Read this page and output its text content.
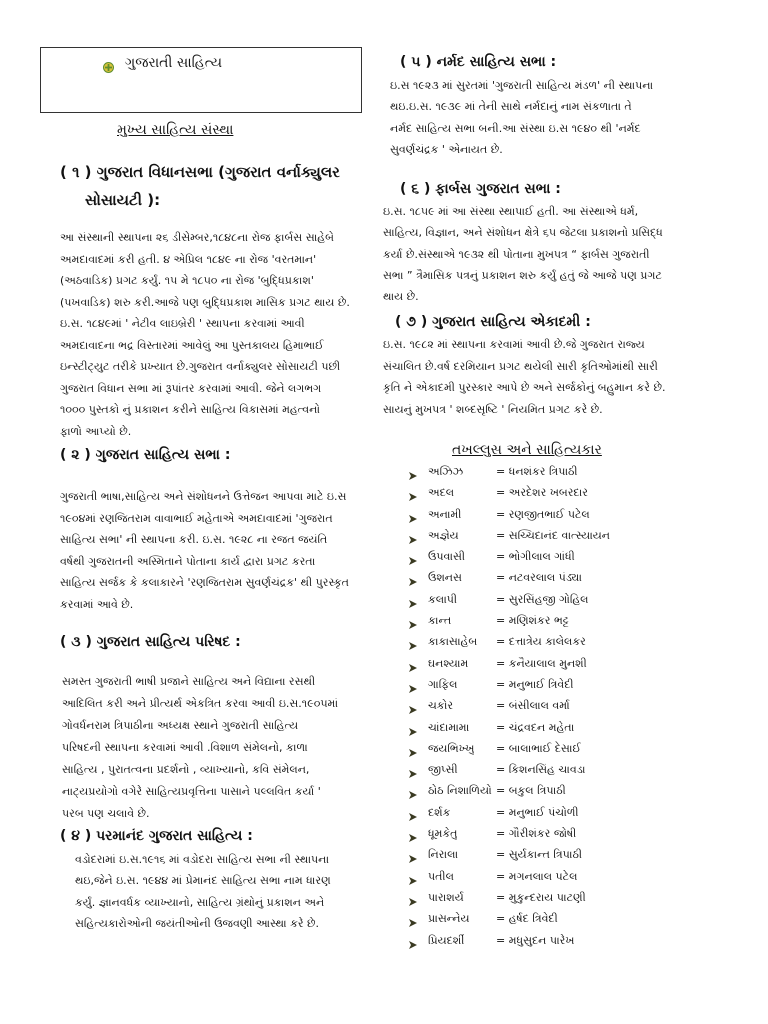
ગુજરાતી સાહિત્ય
મુખ્ય સાહિત્ય સંસ્થા
( ૧ ) ગુજરાત વિધાનસભા (ગુજરાત વર્નાક્યુલર
સોસાયટી ):
આ સંસ્થાની સ્થાપના ૨૬ ડીસેમ્બર,૧૮૪૮ના રોજ ફાર્બસ સાહેબે
અમદાવાદમાં કરી હતી. ૪ એપ્રિલ ૧૮૪૯ ના રોજ 'વરતમાન'
(અઠવાડિક) પ્રગટ કર્યું. ૧૫ મે ૧૮૫૦ ના રોજ 'બુદ્ધિપ્રકાશ'
(પખવાડિક) શરુ કરી.આજે પણ બુદ્ધિપ્રકાશ માસિક પ્રગટ થાય છે.
ઇ.સ. ૧૮૪૯માં ' નેટીવ લાઇબ્રેરી ' સ્થાપના કરવામાં આવી
અમદાવાદના ભદ્ર વિસ્તારમાં આવેલું આ પુસ્તકાલય હિમાભાઈ
ઇન્સ્ટીટ્યુટ તરીકે પ્રખ્યાત છે.ગુજરાત વર્નાક્યુલર સોસાયટી પછી
ગુજરાત વિધાન સભા માં રૂપાંતર કરવામાં આવી. જેને લગભગ
૧૦૦૦ પુસ્તકો નું પ્રકાશન કરીને સાહિત્ય વિકાસમાં મહત્વનો
ફાળો આપ્યો છે.
( ૨ ) ગુજરાત સાહિત્ય સભા :
ગુજરાતી ભાષા,સાહિત્ય અને સંશોધનને ઉત્તેજન આપવા માટે ઇ.સ
૧૯૦૪માં રણજિતરામ વાવાભાઈ મહેતાએ અમદાવાદમાં 'ગુજરાત
સાહિત્ય સભા' ની સ્થાપના કરી. ઇ.સ. ૧૯૨૮ ના રજત જયંતિ
વર્ષથી ગુજરાતની અસ્મિતાને પોતાના કાર્ય દ્વારા પ્રગટ કરતા
સાહિત્ય સર્જક કે કલાકારને 'રણજિતરામ સુવર્ણચંદ્રક' થી પુરસ્કૃત
કરવામાં આવે છે.
( ૩ ) ગુજરાત સાહિત્ય પરિષદ :
સમસ્ત ગુજરાતી ભાષી પ્રજાને સાહિત્ય અને વિદ્યાના રસથી
આદિલિત કરી અને પ્રીત્યર્થ એકત્રિત કરવા આવી ઇ.સ.૧૯૦૫માં
ગોવર્ધનરામ ત્રિપાઠીના અધ્યક્ષ સ્થાને ગુજરાતી સાહિત્ય
પરિષદની સ્થાપના કરવામાં આવી .વિશાળ સંમેલનો, કાળા
સાહિત્ય , પુરાતત્વના પ્રદર્શનો , વ્યાખ્યાનો, કવિ સંમેલન,
નાટ્યપ્રયોગો વગેરે સાહિત્યપ્રવૃત્તિના પાસાને પલ્લવિત કર્યા '
પરબ પણ ચલાવે છે.
( ૪ ) પરમાનંદ ગુજરાત સાહિત્ય :
વડોદરામાં ઇ.સ.૧૯૧૬ માં વડોદરા સાહિત્ય સભા ની સ્થાપના
થઇ,જેને ઇ.સ. ૧૯૪૪ માં પ્રેમાનંદ સાહિત્ય સભા નામ ધારણ
કર્યું. જ્ઞાનવર્ધક વ્યાખ્યાનો, સાહિત્ય ગ્રંથોનું પ્રકાશન અને
સહિત્યકારોઓની જયંતીઓની ઉજવણી આસ્થા કરે છે.
( ૫ ) નર્મદ સાહિત્ય સભા :
ઇ.સ ૧૯૨૩ માં સુરતમાં 'ગુજરાતી સાહિત્ય મંડળ' ની સ્થાપના
થઇ.ઇ.સ. ૧૯૩૯ માં તેની સાથે નર્મદાનું નામ સંકળાતા તે
નર્મદ સાહિત્ય સભા બની.આ સંસ્થા ઇ.સ ૧૯૪૦ થી 'નર્મદ
સુવર્ણચંદ્રક ' એનાયત છે.
( ૬ ) ફાર્બસ ગુજરાત સભા :
ઇ.સ. ૧૮૫૯ માં આ સંસ્થા સ્થાપાઈ હતી. આ સંસ્થાએ ધર્મ,
સાહિત્ય, વિજ્ઞાન, અને સંશોધન ક્ષેત્રે ૬૫ જેટલા પ્રકાશનો પ્રસિદ્ધ
કર્યા છે.સંસ્થાએ ૧૯૩૨ થી પોતાના મુખપત્ર “ ફાર્બસ ગુજરાતી
સભા ” ત્રૈમાસિક પત્રનું પ્રકાશન શરુ કર્યું હતું જે આજે પણ પ્રગટ
થાય છે.
( ૭ ) ગુજરાત સાહિત્ય એકાદમી :
ઇ.સ. ૧૯૮૨ માં સ્થાપના કરવામાં આવી છે.જે ગુજરાત રાજ્ય
સંચાલિત છે.વર્ષ દરમિયાન પ્રગટ થયેલી સારી કૃતિઓમાંથી સારી
કૃતિ ને એકાદમી પુરસ્કાર આપે છે અને સર્જકોનું બહુમાન કરે છે.
સાયનું મુખપત્ર ' શબ્દસૃષ્ટિ ' નિયમિત પ્રગટ કરે છે.
તખલ્લુસ અને સાહિત્યકાર
અઝિઝ	= ધનશંકર ત્રિપાઠી
અદલ	= અરદેશર ખબરદાર
અનામી	= રણજીતભાઈ પટેલ
અજ્ઞેય	= સચ્ચિદાનંદ વાત્સ્યાયન
ઉપવાસી	= ભોગીલાલ ગાંધી
ઉશનસ	= નટવરલાલ પંડ્યા
કલાપી	= સુરસિંહજી ગોહિલ
કાન્ત	= મણિશંકર ભટ્ટ
કાકાસાહેબ = દત્તાત્રેય કાલેલકર
ઘનશ્યામ	= કનૈયાલાલ મુનશી
ગાફિલ	= મનુભાઈ ત્રિવેદી
ચકોર	= બંસીલાલ વર્મા
ચાંદામામા = ચંદ્રવદન મહેતા
જયભિખ્ખુ = બાલાભાઈ દેસાઈ
જીપ્સી	= કિશનસિંહ ચાવડા
ઠોઠ નિશાળિયો = બકુલ ત્રિપાઠી
દર્શક	= મનુભાઈ પંચોળી
ધૂમકેતુ	= ગૌરીશંકર જોષી
નિરાલા	= સુર્યકાન્ત ત્રિપાઠી
પતીલ	= મગનલાલ પટેલ
પારાશર્ય	= મુકુન્દરાય પાટણી
પ્રાસન્નેય = હર્ષદ ત્રિવેદી
પ્રિયદર્શી	= મધુસુદન પારેખ
